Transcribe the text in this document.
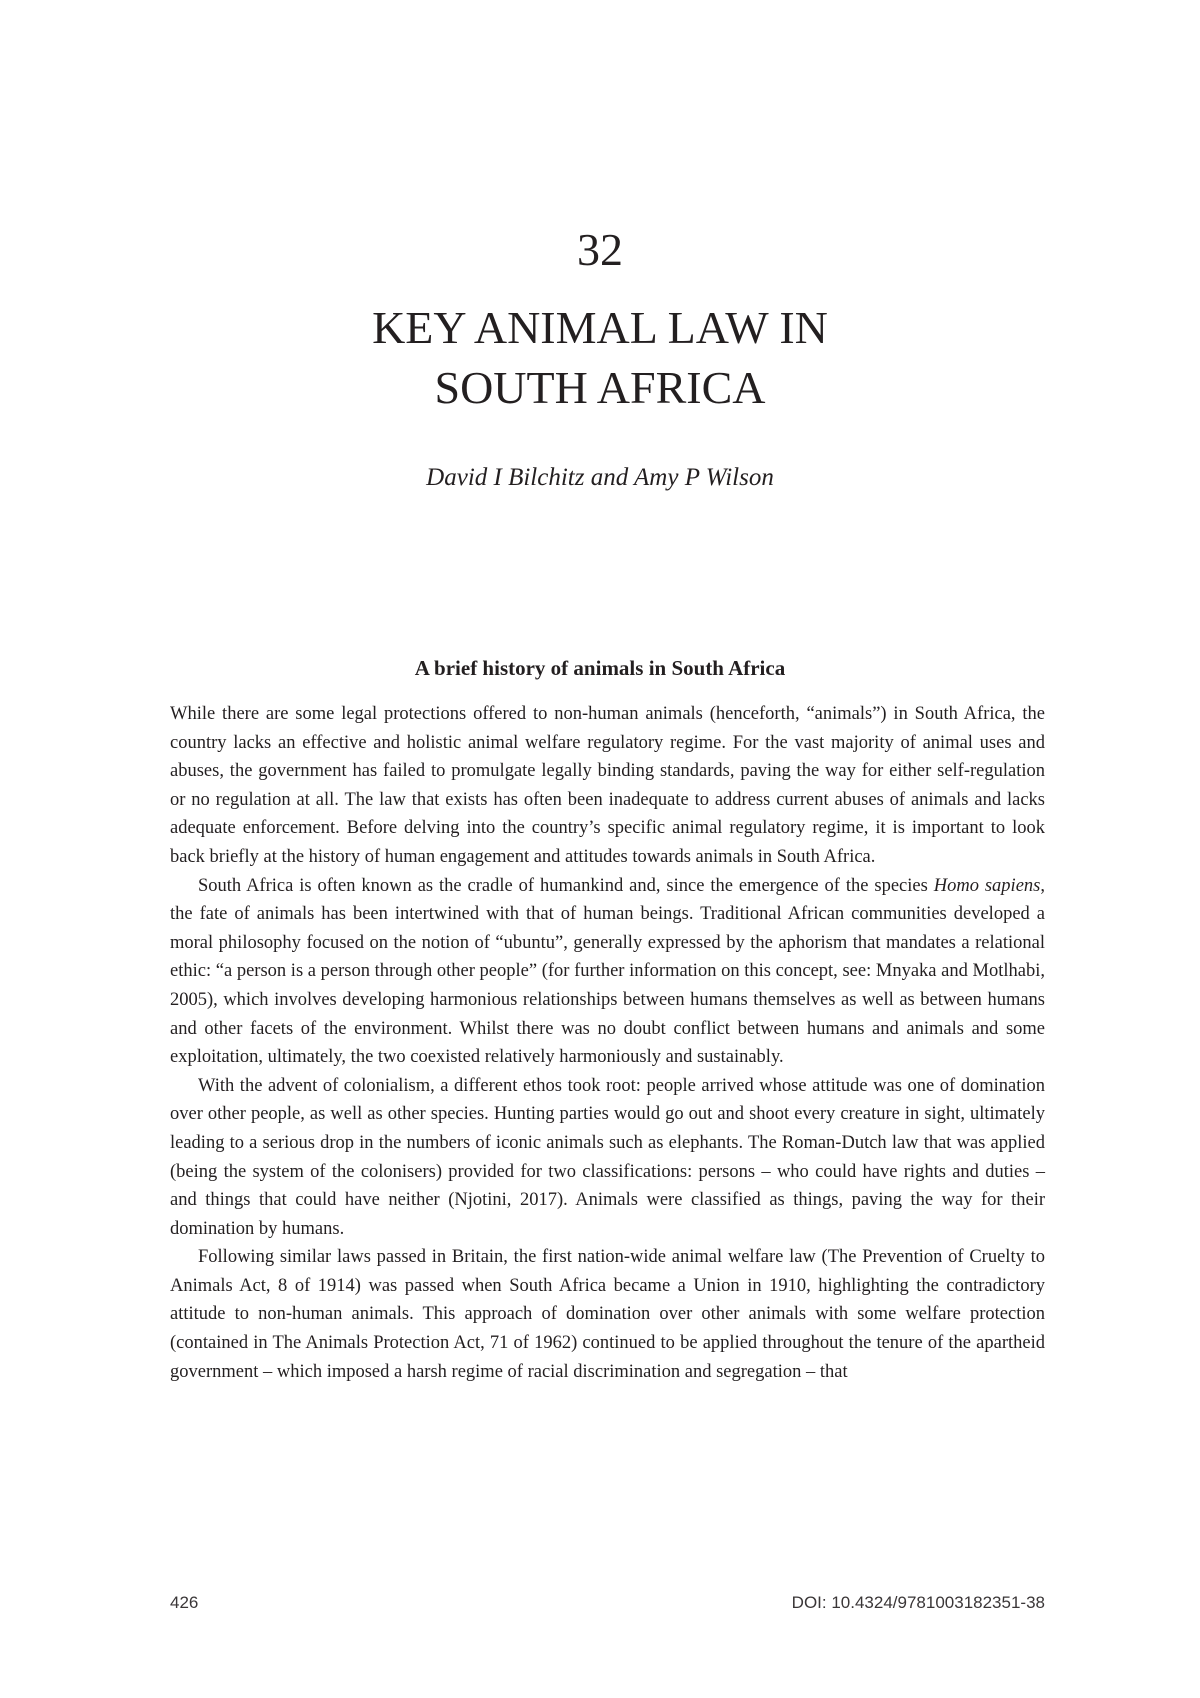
32
KEY ANIMAL LAW IN
SOUTH AFRICA
David I Bilchitz and Amy P Wilson
A brief history of animals in South Africa

While there are some legal protections offered to non-human animals (henceforth, “animals”) in South Africa, the country lacks an effective and holistic animal welfare regulatory regime. For the vast majority of animal uses and abuses, the government has failed to promulgate legally binding standards, paving the way for either self-regulation or no regulation at all. The law that exists has often been inadequate to address current abuses of animals and lacks adequate enforcement. Before delving into the country’s specific animal regulatory regime, it is important to look back briefly at the history of human engagement and attitudes towards animals in South Africa.

South Africa is often known as the cradle of humankind and, since the emergence of the species Homo sapiens, the fate of animals has been intertwined with that of human beings. Traditional African communities developed a moral philosophy focused on the notion of “ubuntu”, generally expressed by the aphorism that mandates a relational ethic: “a person is a person through other people” (for further information on this concept, see: Mnyaka and Motlhabi, 2005), which involves developing harmonious relationships between humans themselves as well as between humans and other facets of the environment. Whilst there was no doubt conflict between humans and animals and some exploitation, ultimately, the two coexisted relatively harmoniously and sustainably.

With the advent of colonialism, a different ethos took root: people arrived whose attitude was one of domination over other people, as well as other species. Hunting parties would go out and shoot every creature in sight, ultimately leading to a serious drop in the numbers of iconic animals such as elephants. The Roman-Dutch law that was applied (being the system of the colonisers) provided for two classifications: persons – who could have rights and duties – and things that could have neither (Njotini, 2017). Animals were classified as things, paving the way for their domination by humans.

Following similar laws passed in Britain, the first nation-wide animal welfare law (The Prevention of Cruelty to Animals Act, 8 of 1914) was passed when South Africa became a Union in 1910, highlighting the contradictory attitude to non-human animals. This approach of domination over other animals with some welfare protection (contained in The Animals Protection Act, 71 of 1962) continued to be applied throughout the tenure of the apartheid government – which imposed a harsh regime of racial discrimination and segregation – that

426	DOI: 10.4324/9781003182351-38
